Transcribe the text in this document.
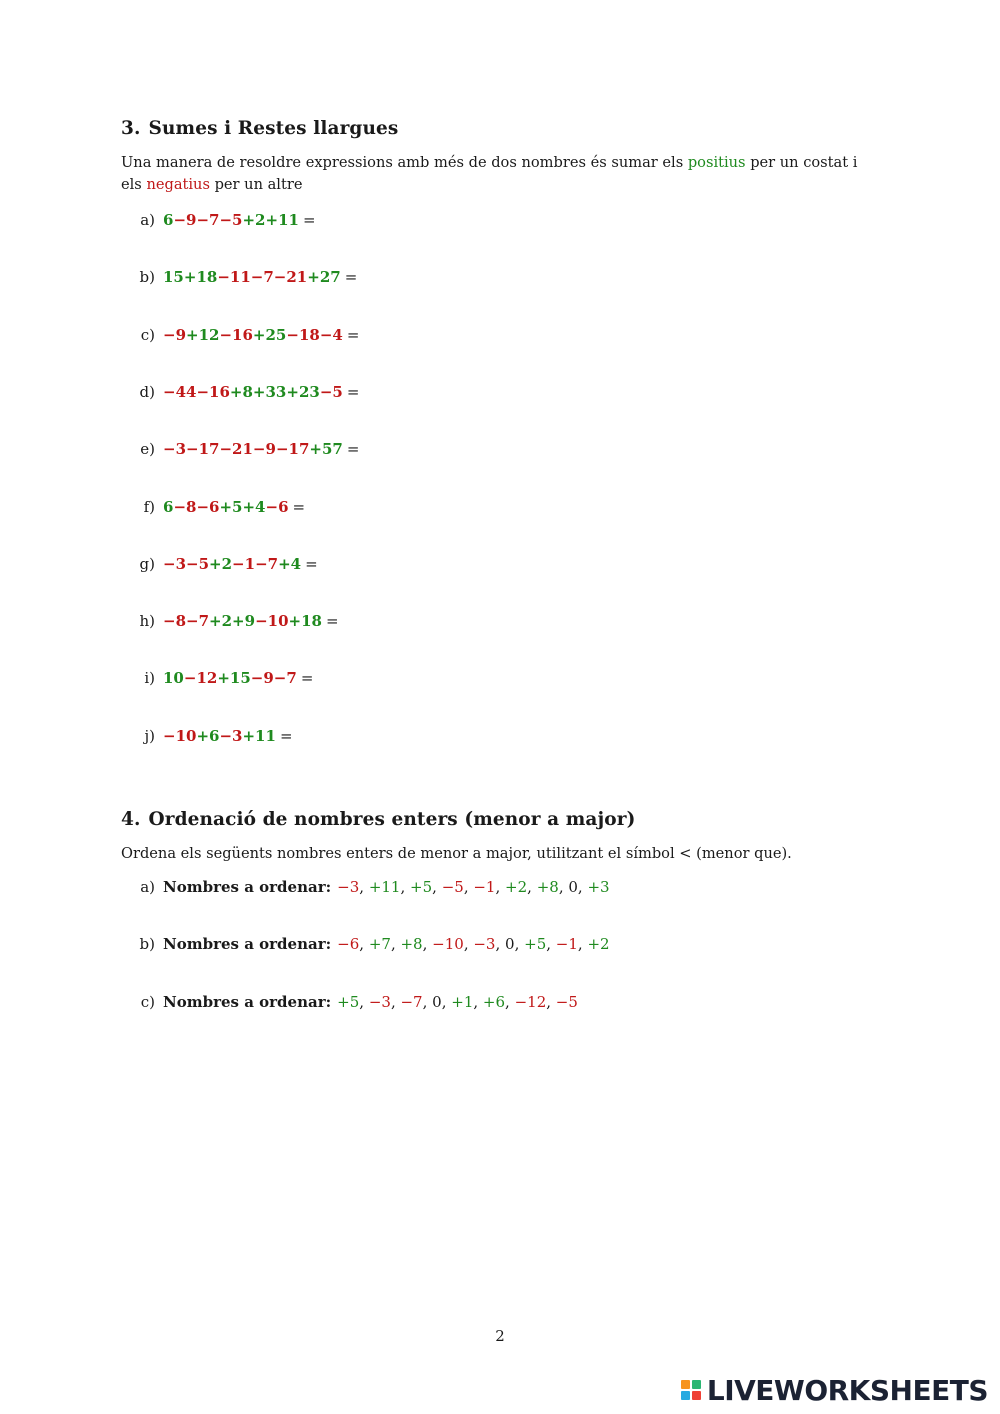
3. Sumes i Restes llargues

Una manera de resoldre expressions amb més de dos nombres és sumar els positius per un costat i els negatius per un altre

a) 6−9−7−5+2+11 =
b) 15+18−11−7−21+27 =
c) −9+12−16+25−18−4 =
d) −44−16+8+33+23−5 =
e) −3−17−21−9−17+57 =
f) 6−8−6+5+4−6 =
g) −3−5+2−1−7+4 =
h) −8−7+2+9−10+18 =
i) 10−12+15−9−7 =
j) −10+6−3+11 =
4. Ordenació de nombres enters (menor a major)

Ordena els següents nombres enters de menor a major, utilitzant el símbol < (menor que).

a) Nombres a ordenar: −3, +11, +5, −5, −1, +2, +8, 0, +3
b) Nombres a ordenar: −6, +7, +8, −10, −3, 0, +5, −1, +2
c) Nombres a ordenar: +5, −3, −7, 0, +1, +6, −12, −5
2
LIVEWORKSHEETS
